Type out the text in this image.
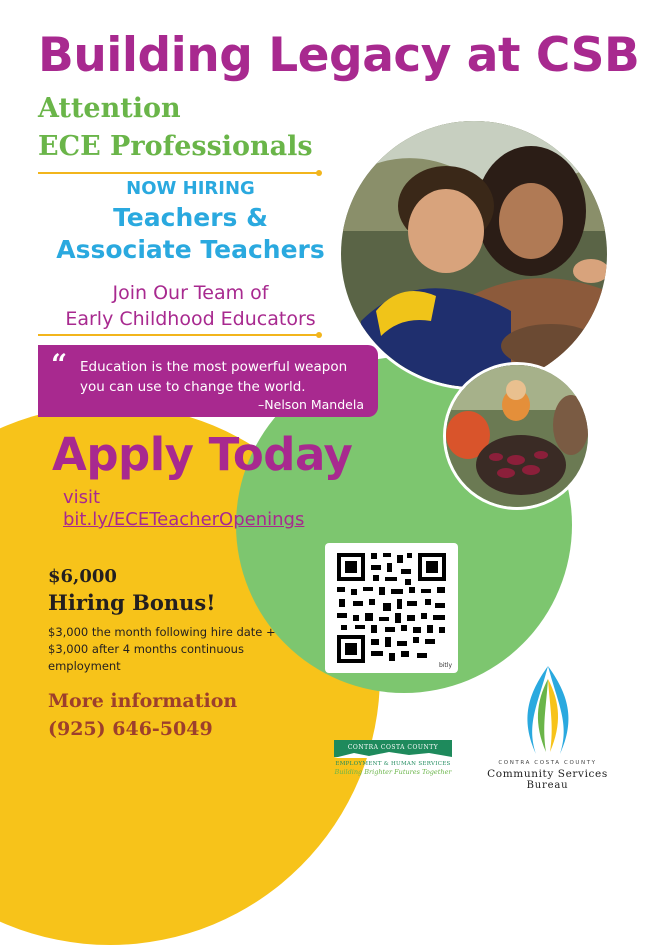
Building Legacy at CSB
Attention
ECE Professionals
NOW HIRING
Teachers &
Associate Teachers
Join Our Team of
Early Childhood Educators
“ Education is the most powerful weapon you can use to change the world.
–Nelson Mandela
Apply Today
visit
bit.ly/ECETeacherOpenings
bitly
$6,000
Hiring Bonus!
$3,000 the month following hire date + $3,000 after 4 months continuous employment
More information
(925) 646-5049
CONTRA COSTA COUNTY
EMPLOYMENT & HUMAN SERVICES
Building Brighter Futures Together
CONTRA COSTA COUNTY
Community Services
Bureau
